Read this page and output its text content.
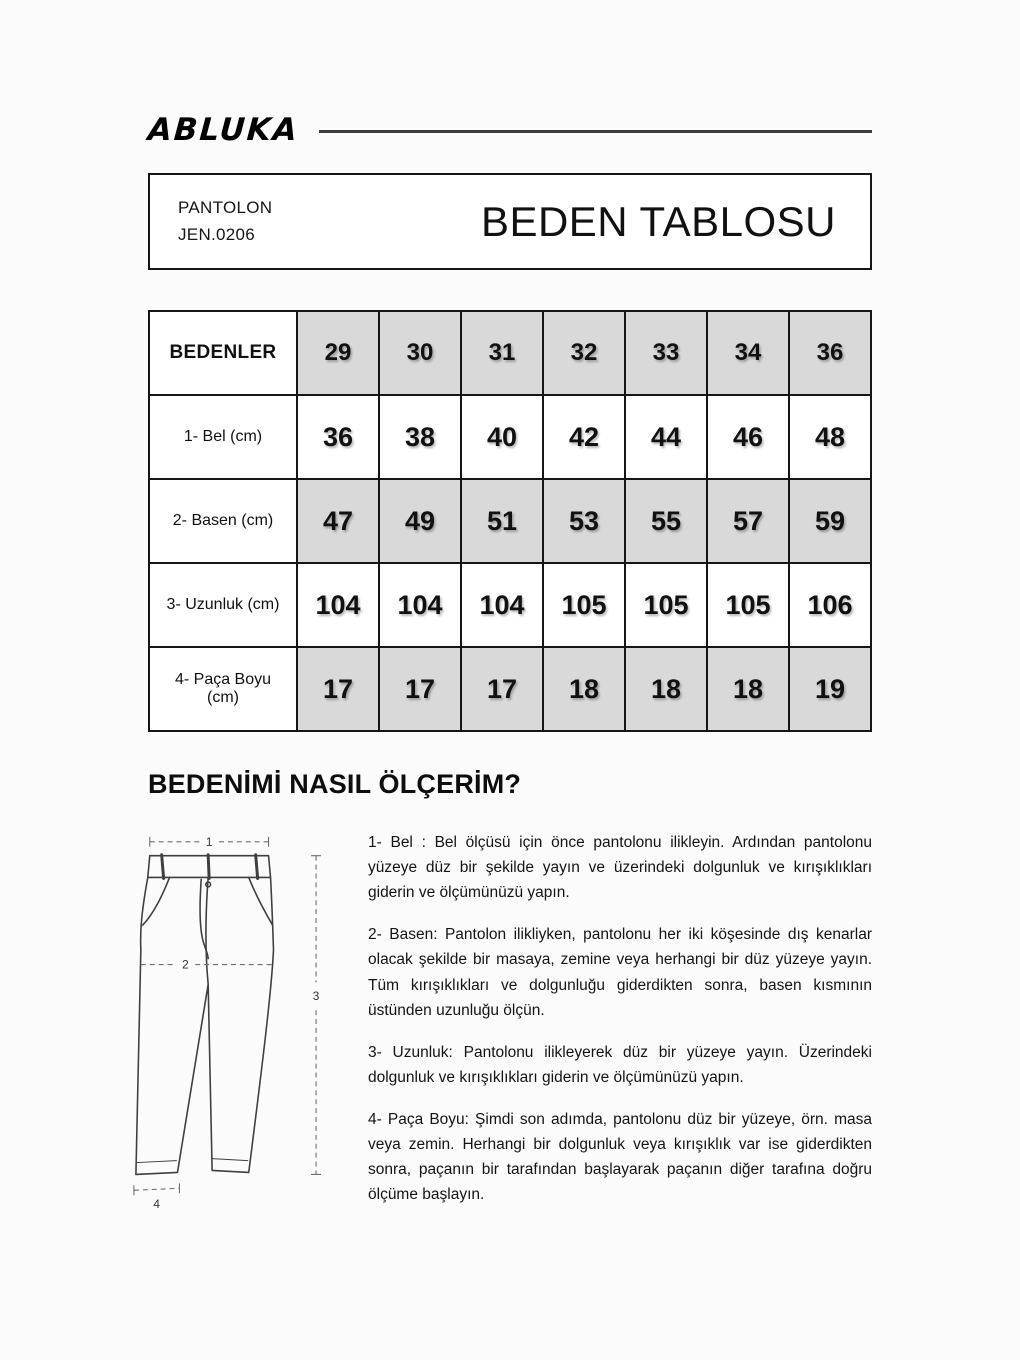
ABLUKA
PANTOLON
JEN.0206	BEDEN TABLOSU
BEDENLER	29	30	31	32	33	34	36
1- Bel (cm)	36	38	40	42	44	46	48
2- Basen (cm)	47	49	51	53	55	57	59
3- Uzunluk (cm)	104	104	104	105	105	105	106
4- Paça Boyu (cm)	17	17	17	18	18	18	19
BEDENİMİ NASIL ÖLÇERİM?
1
2
3
4

1- Bel : Bel ölçüsü için önce pantolonu ilikleyin. Ardından pantolonu yüzeye düz bir şekilde yayın ve üzerindeki dolgunluk ve kırışıklıkları giderin ve ölçümünüzü yapın.

2- Basen: Pantolon ilikliyken, pantolonu her iki köşesinde dış kenarlar olacak şekilde bir masaya, zemine veya herhangi bir düz yüzeye yayın. Tüm kırışıklıkları ve dolgunluğu giderdikten sonra, basen kısmının üstünden uzunluğu ölçün.

3- Uzunluk: Pantolonu ilikleyerek düz bir yüzeye yayın. Üzerindeki dolgunluk ve kırışıklıkları giderin ve ölçümünüzü yapın.

4- Paça Boyu: Şimdi son adımda, pantolonu düz bir yüzeye, örn. masa veya zemin. Herhangi bir dolgunluk veya kırışıklık var ise giderdikten sonra, paçanın bir tarafından başlayarak paçanın diğer tarafına doğru ölçüme başlayın.
